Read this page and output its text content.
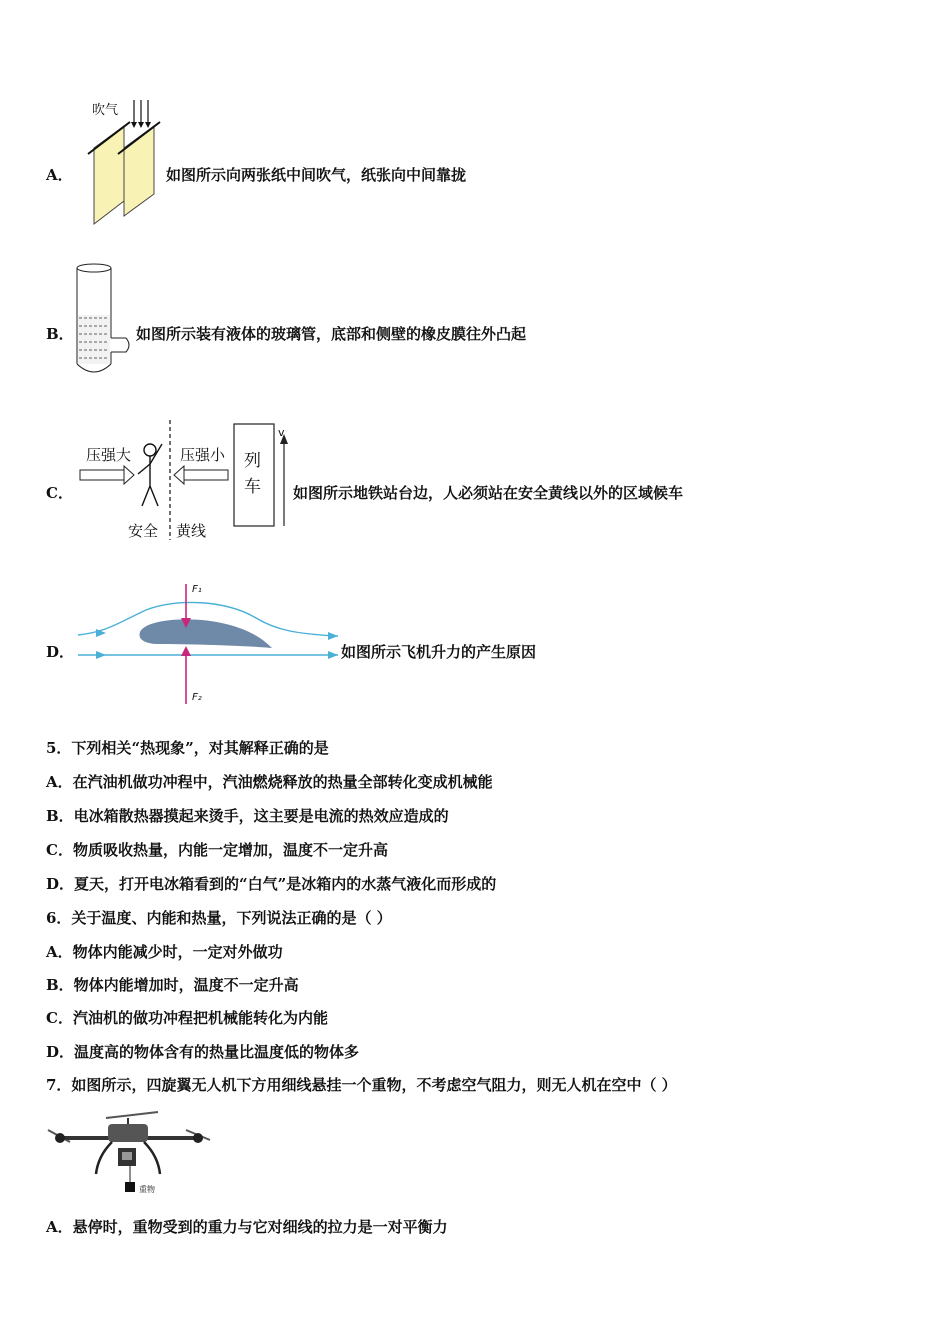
A．
吹气
如图所示向两张纸中间吹气，纸张向中间靠拢
B．	如图所示装有液体的玻璃管，底部和侧壁的橡皮膜往外凸起
C．
压强大	压强小 列
车
v
安全 黄线
如图所示地铁站台边，人必须站在安全黄线以外的区域候车
D．
F₁
F₂
如图所示飞机升力的产生原因
5．下列相关“热现象”，对其解释正确的是
A．在汽油机做功冲程中，汽油燃烧释放的热量全部转化变成机械能
B．电冰箱散热器摸起来烫手，这主要是电流的热效应造成的
C．物质吸收热量，内能一定增加，温度不一定升高
D．夏天，打开电冰箱看到的“白气”是冰箱内的水蒸气液化而形成的
6．关于温度、内能和热量，下列说法正确的是（ ）
A．物体内能减少时，一定对外做功
B．物体内能增加时，温度不一定升高
C．汽油机的做功冲程把机械能转化为内能
D．温度高的物体含有的热量比温度低的物体多
7．如图所示，四旋翼无人机下方用细线悬挂一个重物，不考虑空气阻力，则无人机在空中（ ）
重物
A．悬停时，重物受到的重力与它对细线的拉力是一对平衡力
